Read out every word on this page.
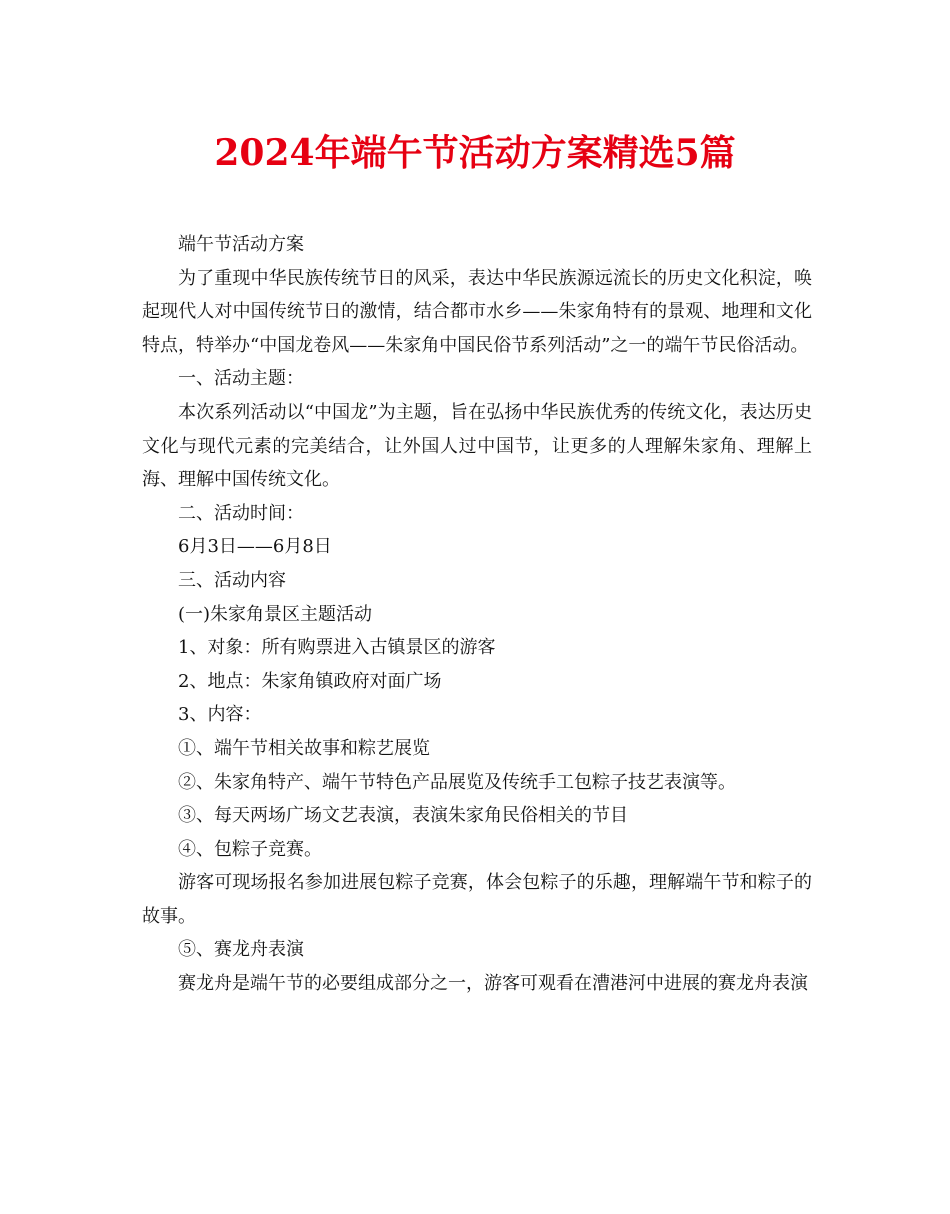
2024年端午节活动方案精选5篇

端午节活动方案

为了重现中华民族传统节日的风采，表达中华民族源远流长的历史文化积淀，唤起现代人对中国传统节日的激情，结合都市水乡——朱家角特有的景观、地理和文化特点，特举办“中国龙卷风——朱家角中国民俗节系列活动”之一的端午节民俗活动。

一、活动主题：

本次系列活动以“中国龙”为主题，旨在弘扬中华民族优秀的传统文化，表达历史文化与现代元素的完美结合，让外国人过中国节，让更多的人理解朱家角、理解上海、理解中国传统文化。

二、活动时间：

6月3日——6月8日

三、活动内容

(一)朱家角景区主题活动

1、对象：所有购票进入古镇景区的游客

2、地点：朱家角镇政府对面广场

3、内容：

①、端午节相关故事和粽艺展览

②、朱家角特产、端午节特色产品展览及传统手工包粽子技艺表演等。

③、每天两场广场文艺表演，表演朱家角民俗相关的节目

④、包粽子竞赛。

游客可现场报名参加进展包粽子竞赛，体会包粽子的乐趣，理解端午节和粽子的故事。

⑤、赛龙舟表演

赛龙舟是端午节的必要组成部分之一，游客可观看在漕港河中进展的赛龙舟表演
